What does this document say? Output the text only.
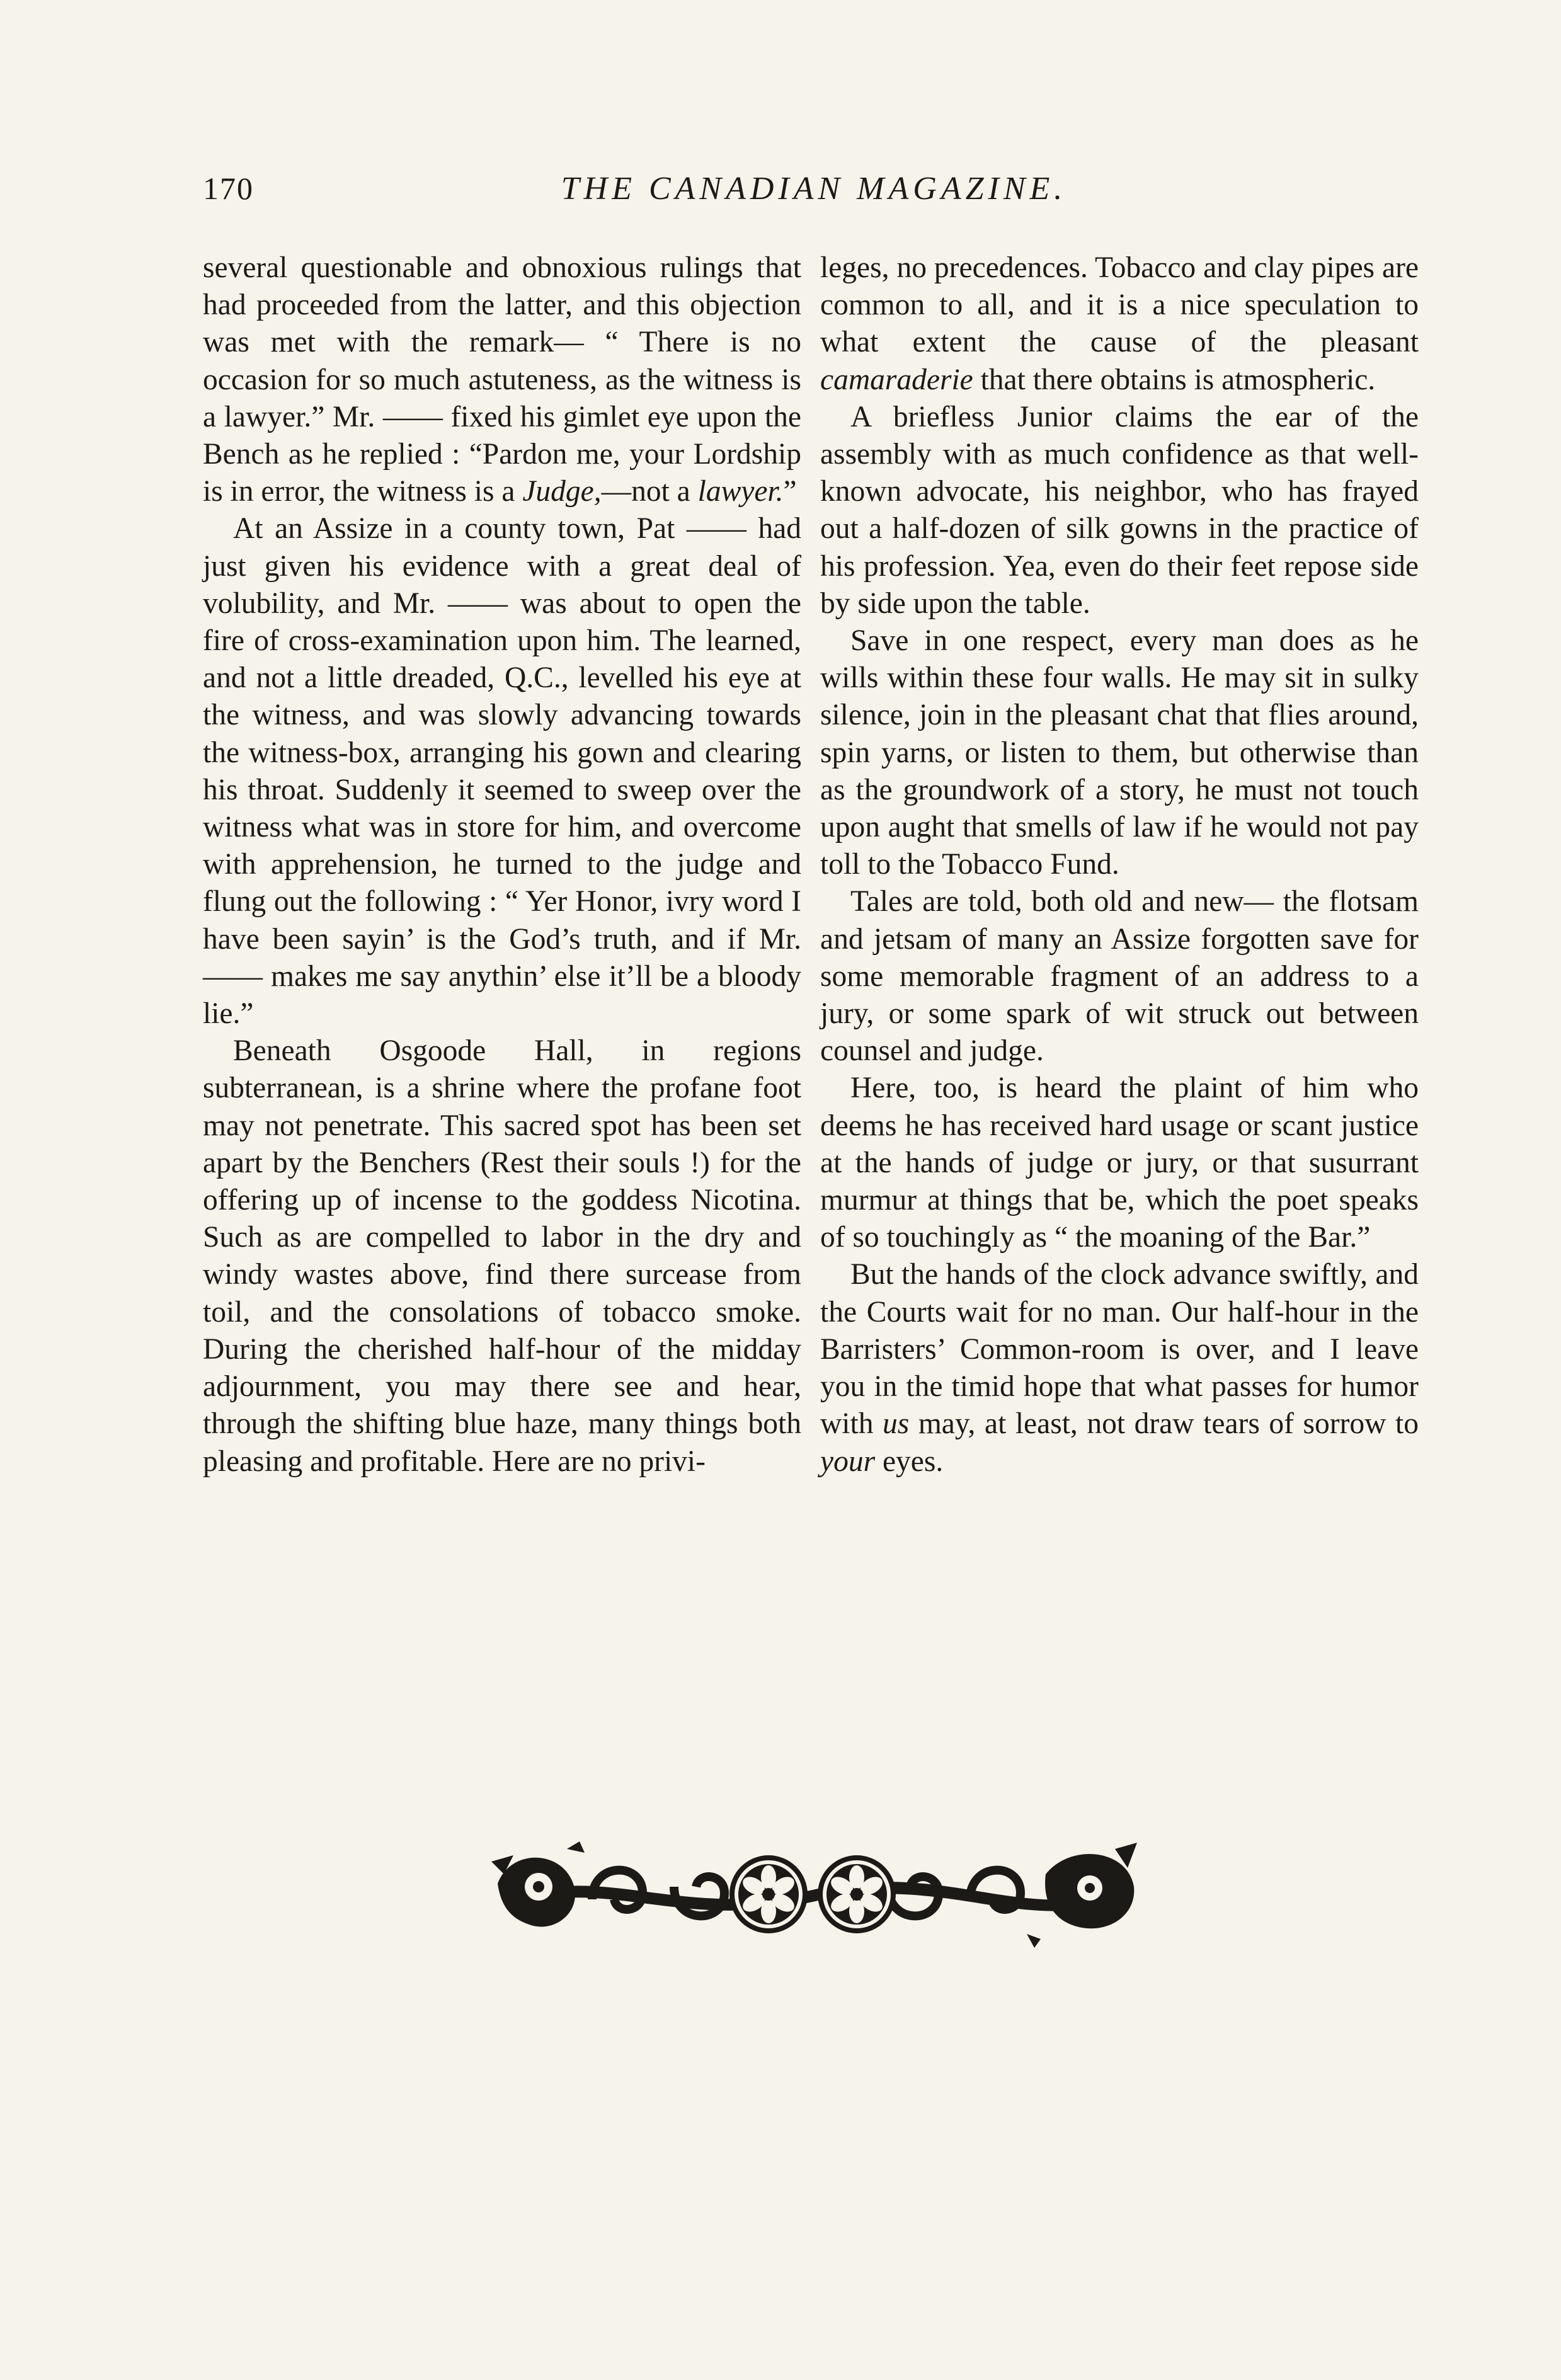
170	THE CANADIAN MAGAZINE.

several questionable and obnoxious rulings that had proceeded from the latter, and this objection was met with the remark— “ There is no occasion for so much astuteness, as the witness is a lawyer.” Mr. —— fixed his gimlet eye upon the Bench as he replied : “Pardon me, your Lordship is in error, the witness is a Judge,—not a lawyer.”

At an Assize in a county town, Pat —— had just given his evidence with a great deal of volubility, and Mr. —— was about to open the fire of cross-examination upon him. The learned, and not a little dreaded, Q.C., levelled his eye at the witness, and was slowly advancing towards the witness-box, arranging his gown and clearing his throat. Suddenly it seemed to sweep over the witness what was in store for him, and overcome with apprehension, he turned to the judge and flung out the following : “ Yer Honor, ivry word I have been sayin’ is the God’s truth, and if Mr. —— makes me say anythin’ else it’ll be a bloody lie.”

Beneath Osgoode Hall, in regions subterranean, is a shrine where the profane foot may not penetrate. This sacred spot has been set apart by the Benchers (Rest their souls !) for the offering up of incense to the goddess Nicotina. Such as are compelled to labor in the dry and windy wastes above, find there surcease from toil, and the consolations of tobacco smoke. During the cherished half-hour of the midday adjournment, you may there see and hear, through the shifting blue haze, many things both pleasing and profitable. Here are no privi-

leges, no precedences. Tobacco and clay pipes are common to all, and it is a nice speculation to what extent the cause of the pleasant camaraderie that there obtains is atmospheric.

A briefless Junior claims the ear of the assembly with as much confidence as that well-known advocate, his neighbor, who has frayed out a half-dozen of silk gowns in the practice of his profession. Yea, even do their feet repose side by side upon the table.

Save in one respect, every man does as he wills within these four walls. He may sit in sulky silence, join in the pleasant chat that flies around, spin yarns, or listen to them, but otherwise than as the groundwork of a story, he must not touch upon aught that smells of law if he would not pay toll to the Tobacco Fund.

Tales are told, both old and new— the flotsam and jetsam of many an Assize forgotten save for some memorable fragment of an address to a jury, or some spark of wit struck out between counsel and judge.

Here, too, is heard the plaint of him who deems he has received hard usage or scant justice at the hands of judge or jury, or that susurrant murmur at things that be, which the poet speaks of so touchingly as “ the moaning of the Bar.”

But the hands of the clock advance swiftly, and the Courts wait for no man. Our half-hour in the Barristers’ Common-room is over, and I leave you in the timid hope that what passes for humor with us may, at least, not draw tears of sorrow to your eyes.
